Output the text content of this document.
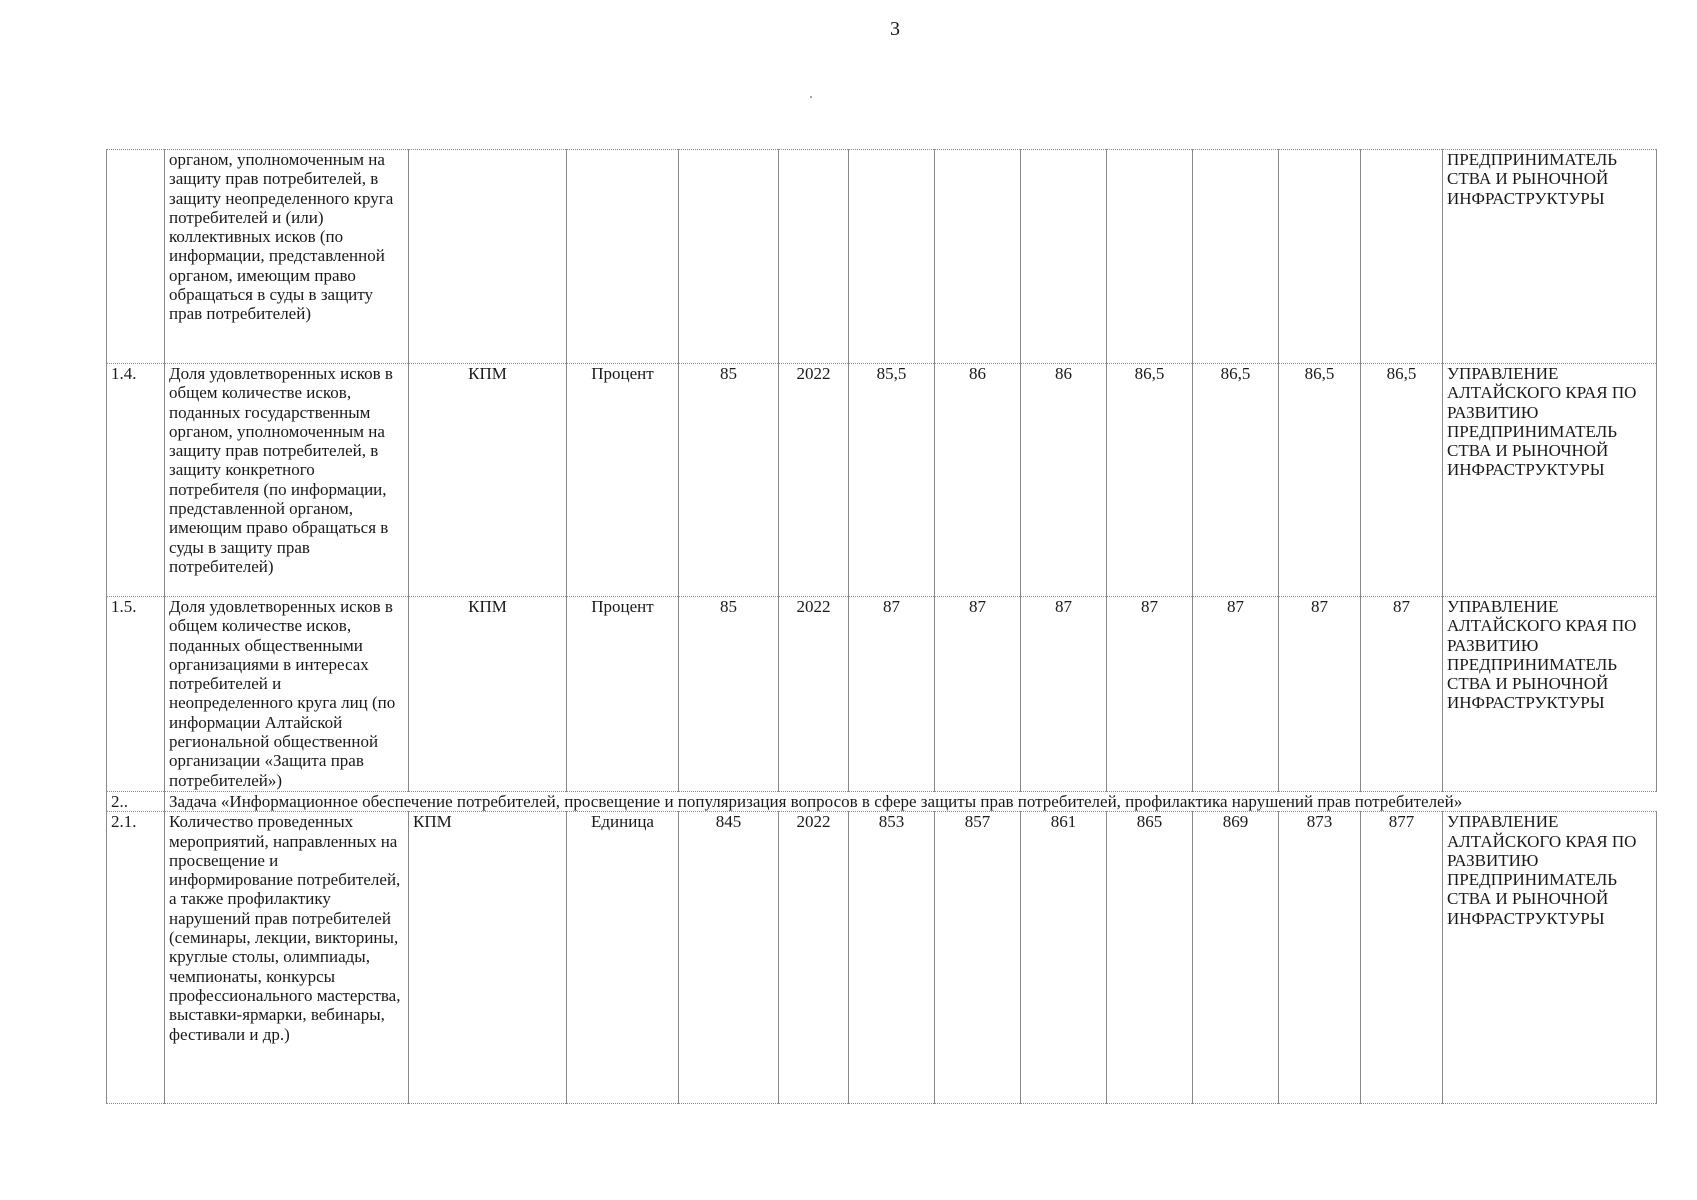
3
	органом, уполномоченным на защиту прав потребителей, в защиту неопределенного круга потребителей и (или) коллективных исков (по информации, представленной органом, имеющим право обращаться в суды в защиту прав потребителей)												ПРЕДПРИНИМАТЕЛЬ СТВА И РЫНОЧНОЙ ИНФРАСТРУКТУРЫ
1.4.	Доля удовлетворенных исков в общем количестве исков, поданных государственным органом, уполномоченным на защиту прав потребителей, в защиту конкретного потребителя (по информации, представленной органом, имеющим право обращаться в суды в защиту прав потребителей)	КПМ	Процент	85	2022	85,5	86	86	86,5	86,5	86,5	86,5	УПРАВЛЕНИЕ АЛТАЙСКОГО КРАЯ ПО РАЗВИТИЮ ПРЕДПРИНИМАТЕЛЬ СТВА И РЫНОЧНОЙ ИНФРАСТРУКТУРЫ
1.5.	Доля удовлетворенных исков в общем количестве исков, поданных общественными организациями в интересах потребителей и неопределенного круга лиц (по информации Алтайской региональной общественной организации «Защита прав потребителей»)	КПМ	Процент	85	2022	87	87	87	87	87	87	87	УПРАВЛЕНИЕ АЛТАЙСКОГО КРАЯ ПО РАЗВИТИЮ ПРЕДПРИНИМАТЕЛЬ СТВА И РЫНОЧНОЙ ИНФРАСТРУКТУРЫ
2..	Задача «Информационное обеспечение потребителей, просвещение и популяризация вопросов в сфере защиты прав потребителей, профилактика нарушений прав потребителей»												
2.1.	Количество проведенных мероприятий, направленных на просвещение и информирование потребителей, а также профилактику нарушений прав потребителей (семинары, лекции, викторины, круглые столы, олимпиады, чемпионаты, конкурсы профессионального мастерства, выставки-ярмарки, вебинары, фестивали и др.)	КПМ	Единица	845	2022	853	857	861	865	869	873	877	УПРАВЛЕНИЕ АЛТАЙСКОГО КРАЯ ПО РАЗВИТИЮ ПРЕДПРИНИМАТЕЛЬ СТВА И РЫНОЧНОЙ ИНФРАСТРУКТУРЫ
